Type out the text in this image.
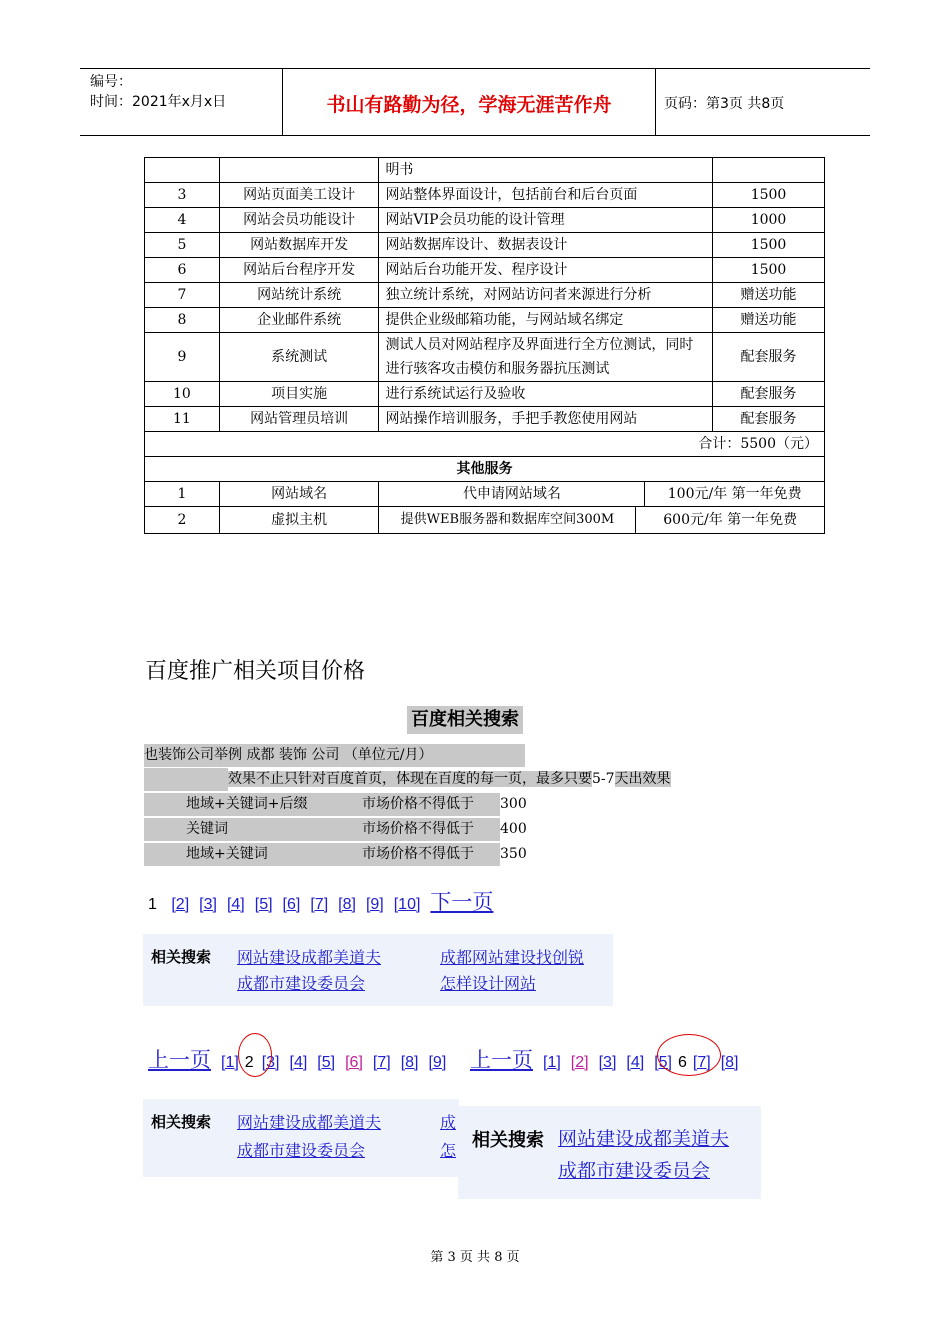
编号：
时间：2021年x月x日	书山有路勤为径，学海无涯苦作舟	页码：第3页 共8页
		明书	
3	网站页面美工设计	网站整体界面设计，包括前台和后台页面	1500
4	网站会员功能设计	网站VIP会员功能的设计管理	1000
5	网站数据库开发	网站数据库设计、数据表设计	1500
6	网站后台程序开发	网站后台功能开发、程序设计	1500
7	网站统计系统	独立统计系统，对网站访问者来源进行分析	赠送功能
8	企业邮件系统	提供企业级邮箱功能，与网站域名绑定	赠送功能
9	系统测试	测试人员对网站程序及界面进行全方位测试，同时进行骇客攻击模仿和服务器抗压测试	配套服务
10	项目实施	进行系统试运行及验收	配套服务
11	网站管理员培训	网站操作培训服务，手把手教您使用网站	配套服务
合计：5500（元）			
其他服务			
1	网站域名	代申请网站域名 100元/年 第一年免费	

2	虚拟主机	提供WEB服务器和数据库空间300M 600元/年 第一年免费	
百度推广相关项目价格
百度相关搜索
也装饰公司举例 成都 装饰 公司 （单位元/月）
效果不止只针对百度首页，体现在百度的每一页，最多只要5-7天出效果
地域+关键词+后缀	市场价格不得低于 300
关键词	市场价格不得低于 400
地域+关键词	市场价格不得低于 350
1 [2] [3] [4] [5] [6] [7] [8] [9] [10] 下一页
相关搜索 网站建设成都美道夫
成都市建设委员会
成都网站建设找创锐
怎样设计网站
上一页 [1] 2 [3] [4] [5] [6] [7] [8] [9]	上一页 [1] [2] [3] [4] [5] 6 [7] [8]
相关搜索 网站建设成都美道夫
成都市建设委员会
成
怎 相关搜索 网站建设成都美道夫
成都市建设委员会
第 3 页 共 8 页
